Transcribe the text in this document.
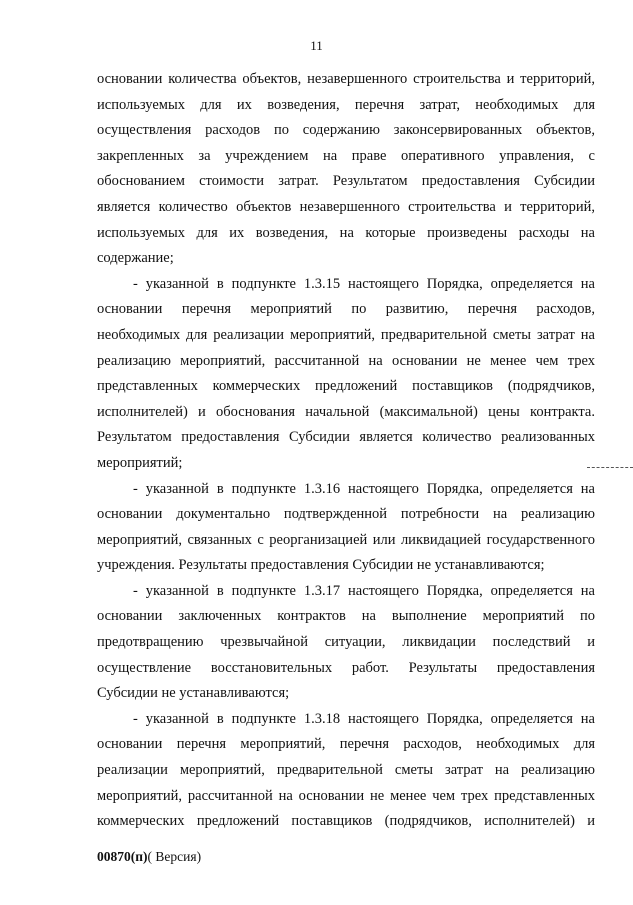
11
основании количества объектов, незавершенного строительства и территорий,
используемых для их возведения, перечня затрат, необходимых для
осуществления расходов по содержанию законсервированных объектов,
закрепленных за учреждением на праве оперативного управления, с
обоснованием стоимости затрат. Результатом предоставления Субсидии
является количество объектов незавершенного строительства и территорий,
используемых для их возведения, на которые произведены расходы на
содержание;
- указанной в подпункте 1.3.15 настоящего Порядка, определяется на
основании перечня мероприятий по развитию, перечня расходов,
необходимых для реализации мероприятий, предварительной сметы затрат на
реализацию мероприятий, рассчитанной на основании не менее чем трех
представленных коммерческих предложений поставщиков (подрядчиков,
исполнителей) и обоснования начальной (максимальной) цены контракта.
Результатом предоставления Субсидии является количество реализованных
мероприятий;
- указанной в подпункте 1.3.16 настоящего Порядка, определяется на
основании документально подтвержденной потребности на реализацию
мероприятий, связанных с реорганизацией или ликвидацией государственного
учреждения. Результаты предоставления Субсидии не устанавливаются;
- указанной в подпункте 1.3.17 настоящего Порядка, определяется на
основании заключенных контрактов на выполнение мероприятий по
предотвращению чрезвычайной ситуации, ликвидации последствий и
осуществление восстановительных работ. Результаты предоставления
Субсидии не устанавливаются;
- указанной в подпункте 1.3.18 настоящего Порядка, определяется на
основании перечня мероприятий, перечня расходов, необходимых для
реализации мероприятий, предварительной сметы затрат на реализацию
мероприятий, рассчитанной на основании не менее чем трех представленных
коммерческих предложений поставщиков (подрядчиков, исполнителей) и
00870(п)( Версия)
